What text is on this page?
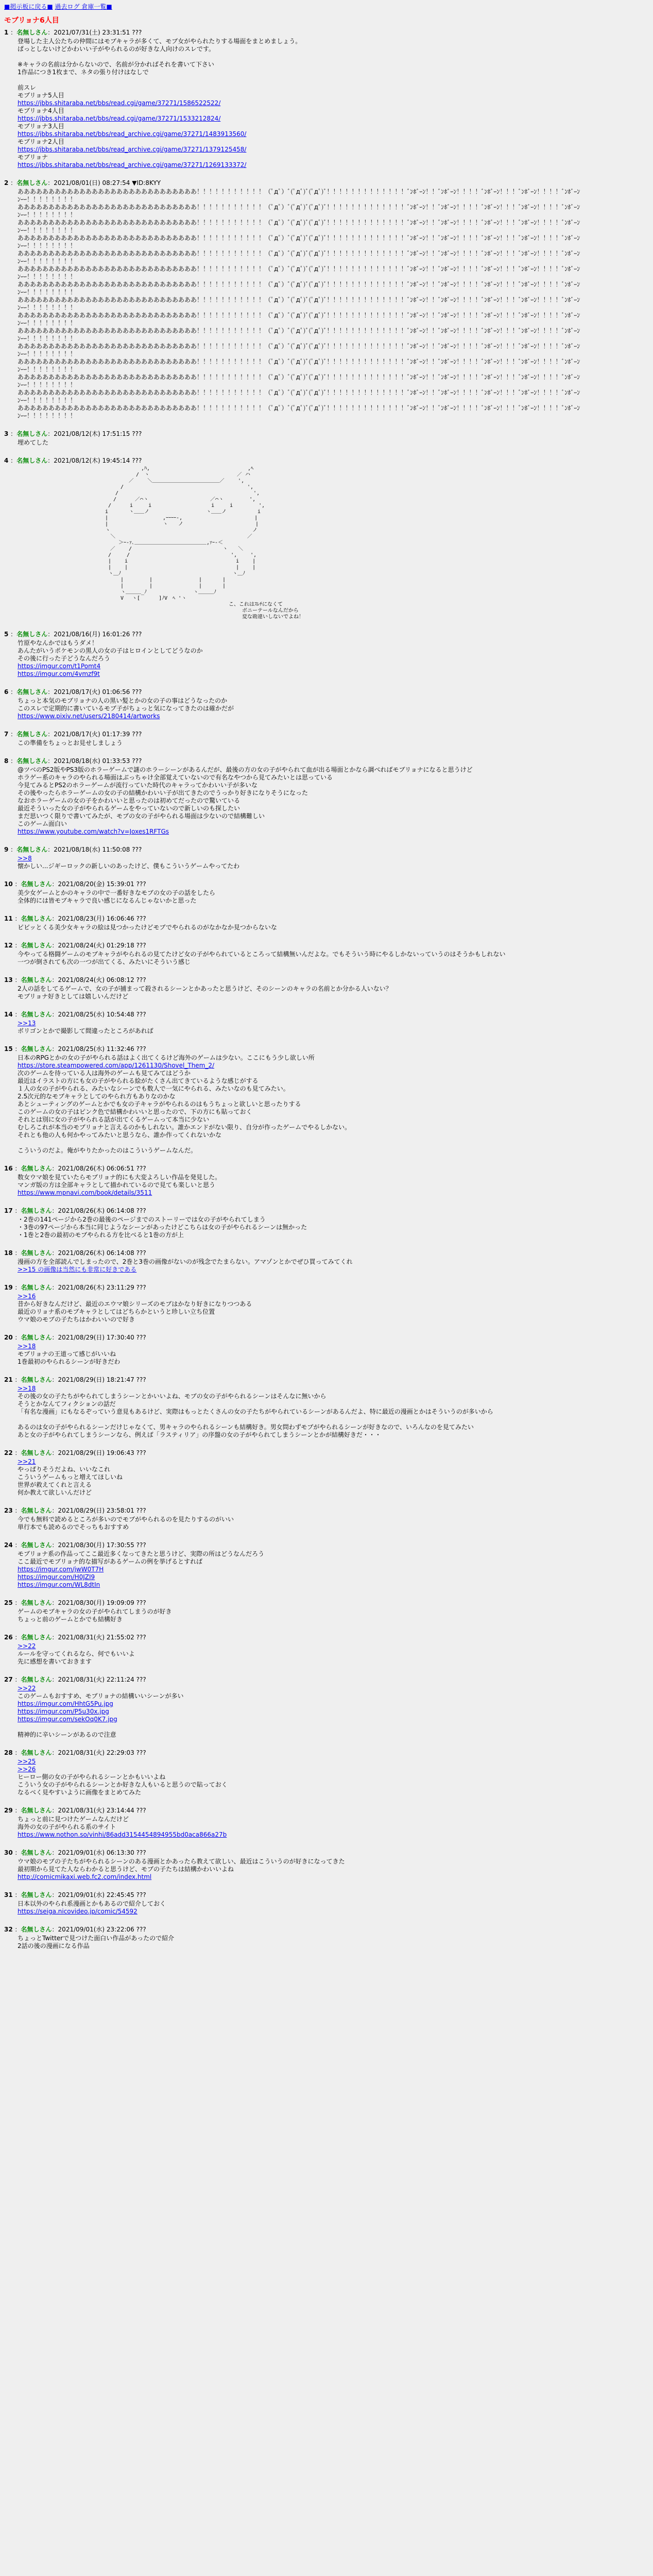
■掲示板に戻る■ 過去ログ 倉庫一覧■
モブリョナ6人目
1 ：名無しさん：2021/07/31(土) 23:31:51 ???
登場した主人公たちの仲間にはモブキャラが多くて、モブ女がやられたりする場面をまとめましょう。
ぱっとしないけどかわいい子がやられるのが好きな人向けのスレです。

※キャラの名前は分からないので、名前が分かればそれを書いて下さい
1作品につき1枚まで、ネタの張り付けはなしで

前スレ
モブリョナ5人目
https://jbbs.shitaraba.net/bbs/read.cgi/game/37271/1586522522/
モブリョナ4人目
https://jbbs.shitaraba.net/bbs/read.cgi/game/37271/1533212824/
モブリョナ3人目
https://jbbs.shitaraba.net/bbs/read_archive.cgi/game/37271/1483913560/
モブリョナ2人目
https://jbbs.shitaraba.net/bbs/read_archive.cgi/game/37271/1379125458/
モブリョナ
https://jbbs.shitaraba.net/bbs/read_archive.cgi/game/37271/1269133372/
2 ：名無しさん：2021/08/01(日) 08:27:54 ▼ID:8KYY
あああああああああああああああああああああああああああああ！！！！！！！！！！！（ﾟдﾟ）ﾞ(ﾟдﾟ)ﾞ(ﾟдﾟ)ﾞ！！！！！！！！！！！！！ﾞﾝﾎﾞｰﾝ！！ﾞﾝﾎﾞｰﾝ！！！！ﾞﾝﾎﾞｰﾝ！！！ﾞﾝﾎﾞｰﾝ！！！！ﾞﾝﾎﾞｰﾝ
ﾝｰｰ！！！！！！！！
あああああああああああああああああああああああああああああ！！！！！！！！！！！（ﾟдﾟ）ﾞ(ﾟдﾟ)ﾞ(ﾟдﾟ)ﾞ！！！！！！！！！！！！！ﾞﾝﾎﾞｰﾝ！！ﾞﾝﾎﾞｰﾝ！！！！ﾞﾝﾎﾞｰﾝ！！！ﾞﾝﾎﾞｰﾝ！！！！ﾞﾝﾎﾞｰﾝ
ﾝｰｰ！！！！！！！！
あああああああああああああああああああああああああああああ！！！！！！！！！！！（ﾟдﾟ）ﾞ(ﾟдﾟ)ﾞ(ﾟдﾟ)ﾞ！！！！！！！！！！！！！ﾞﾝﾎﾞｰﾝ！！ﾞﾝﾎﾞｰﾝ！！！！ﾞﾝﾎﾞｰﾝ！！！ﾞﾝﾎﾞｰﾝ！！！！ﾞﾝﾎﾞｰﾝ
ﾝｰｰ！！！！！！！！
あああああああああああああああああああああああああああああ！！！！！！！！！！！（ﾟдﾟ）ﾞ(ﾟдﾟ)ﾞ(ﾟдﾟ)ﾞ！！！！！！！！！！！！！ﾞﾝﾎﾞｰﾝ！！ﾞﾝﾎﾞｰﾝ！！！！ﾞﾝﾎﾞｰﾝ！！！ﾞﾝﾎﾞｰﾝ！！！！ﾞﾝﾎﾞｰﾝ
ﾝｰｰ！！！！！！！！
あああああああああああああああああああああああああああああ！！！！！！！！！！！（ﾟдﾟ）ﾞ(ﾟдﾟ)ﾞ(ﾟдﾟ)ﾞ！！！！！！！！！！！！！ﾞﾝﾎﾞｰﾝ！！ﾞﾝﾎﾞｰﾝ！！！！ﾞﾝﾎﾞｰﾝ！！！ﾞﾝﾎﾞｰﾝ！！！！ﾞﾝﾎﾞｰﾝ
ﾝｰｰ！！！！！！！！
あああああああああああああああああああああああああああああ！！！！！！！！！！！（ﾟдﾟ）ﾞ(ﾟдﾟ)ﾞ(ﾟдﾟ)ﾞ！！！！！！！！！！！！！ﾞﾝﾎﾞｰﾝ！！ﾞﾝﾎﾞｰﾝ！！！！ﾞﾝﾎﾞｰﾝ！！！ﾞﾝﾎﾞｰﾝ！！！！ﾞﾝﾎﾞｰﾝ
ﾝｰｰ！！！！！！！！
あああああああああああああああああああああああああああああ！！！！！！！！！！！（ﾟдﾟ）ﾞ(ﾟдﾟ)ﾞ(ﾟдﾟ)ﾞ！！！！！！！！！！！！！ﾞﾝﾎﾞｰﾝ！！ﾞﾝﾎﾞｰﾝ！！！！ﾞﾝﾎﾞｰﾝ！！！ﾞﾝﾎﾞｰﾝ！！！！ﾞﾝﾎﾞｰﾝ
ﾝｰｰ！！！！！！！！
あああああああああああああああああああああああああああああ！！！！！！！！！！！（ﾟдﾟ）ﾞ(ﾟдﾟ)ﾞ(ﾟдﾟ)ﾞ！！！！！！！！！！！！！ﾞﾝﾎﾞｰﾝ！！ﾞﾝﾎﾞｰﾝ！！！！ﾞﾝﾎﾞｰﾝ！！！ﾞﾝﾎﾞｰﾝ！！！！ﾞﾝﾎﾞｰﾝ
ﾝｰｰ！！！！！！！！
あああああああああああああああああああああああああああああ！！！！！！！！！！！（ﾟдﾟ）ﾞ(ﾟдﾟ)ﾞ(ﾟдﾟ)ﾞ！！！！！！！！！！！！！ﾞﾝﾎﾞｰﾝ！！ﾞﾝﾎﾞｰﾝ！！！！ﾞﾝﾎﾞｰﾝ！！！ﾞﾝﾎﾞｰﾝ！！！！ﾞﾝﾎﾞｰﾝ
ﾝｰｰ！！！！！！！！
あああああああああああああああああああああああああああああ！！！！！！！！！！！（ﾟдﾟ）ﾞ(ﾟдﾟ)ﾞ(ﾟдﾟ)ﾞ！！！！！！！！！！！！！ﾞﾝﾎﾞｰﾝ！！ﾞﾝﾎﾞｰﾝ！！！！ﾞﾝﾎﾞｰﾝ！！！ﾞﾝﾎﾞｰﾝ！！！！ﾞﾝﾎﾞｰﾝ
ﾝｰｰ！！！！！！！！
あああああああああああああああああああああああああああああ！！！！！！！！！！！（ﾟдﾟ）ﾞ(ﾟдﾟ)ﾞ(ﾟдﾟ)ﾞ！！！！！！！！！！！！！ﾞﾝﾎﾞｰﾝ！！ﾞﾝﾎﾞｰﾝ！！！！ﾞﾝﾎﾞｰﾝ！！！ﾞﾝﾎﾞｰﾝ！！！！ﾞﾝﾎﾞｰﾝ
ﾝｰｰ！！！！！！！！
あああああああああああああああああああああああああああああ！！！！！！！！！！！（ﾟдﾟ）ﾞ(ﾟдﾟ)ﾞ(ﾟдﾟ)ﾞ！！！！！！！！！！！！！ﾞﾝﾎﾞｰﾝ！！ﾞﾝﾎﾞｰﾝ！！！！ﾞﾝﾎﾞｰﾝ！！！ﾞﾝﾎﾞｰﾝ！！！！ﾞﾝﾎﾞｰﾝ
ﾝｰｰ！！！！！！！！
あああああああああああああああああああああああああああああ！！！！！！！！！！！（ﾟдﾟ）ﾞ(ﾟдﾟ)ﾞ(ﾟдﾟ)ﾞ！！！！！！！！！！！！！ﾞﾝﾎﾞｰﾝ！！ﾞﾝﾎﾞｰﾝ！！！！ﾞﾝﾎﾞｰﾝ！！！ﾞﾝﾎﾞｰﾝ！！！！ﾞﾝﾎﾞｰﾝ
ﾝｰｰ！！！！！！！！
あああああああああああああああああああああああああああああ！！！！！！！！！！！（ﾟдﾟ）ﾞ(ﾟдﾟ)ﾞ(ﾟдﾟ)ﾞ！！！！！！！！！！！！！ﾞﾝﾎﾞｰﾝ！！ﾞﾝﾎﾞｰﾝ！！！！ﾞﾝﾎﾞｰﾝ！！！ﾞﾝﾎﾞｰﾝ！！！！ﾞﾝﾎﾞｰﾝ
ﾝｰｰ！！！！！！！！
あああああああああああああああああああああああああああああ！！！！！！！！！！！（ﾟдﾟ）ﾞ(ﾟдﾟ)ﾞ(ﾟдﾟ)ﾞ！！！！！！！！！！！！！ﾞﾝﾎﾞｰﾝ！！ﾞﾝﾎﾞｰﾝ！！！！ﾞﾝﾎﾞｰﾝ！！！ﾞﾝﾎﾞｰﾝ！！！！ﾞﾝﾎﾞｰﾝ
ﾝｰｰ！！！！！！！！
3 ：名無しさん：2021/08/12(木) 17:51:15 ???
埋めてした
4 ：名無しさん：2021/08/12(木) 19:45:14 ???
　　　　　　　　　　　　　　　　　　　　　　　　,ﾊ,　　　　　　　　　　　　　　　　　　　,ﾍ
　　　　　　　　　　　　　　　　　　　　　　　/　ヽ　　　　　　　　　　　　　　　　　／ ハ
　　　　　　　　　　　　　　　　　　　　　 ／　　 ＼＿＿＿＿＿＿＿＿＿＿＿＿＿／　　 ',
　　　　　　　　　　　　　　　　　　　　/　　　　　　　　　　　　　　　　　　　　　　　　',
　　　　　　　　　　　　　　　　　　　/　　　　 　　　　　　　　　　　　　　　　　　　　　 ',
　　　　　　　　　　　　　　　　　　 /　　　 ／⌒ヽ　　　　　　　　　　　　／⌒ヽ　　　　　',
　　　　　　　　　　　　　　　　　 /　　　 i　　　i　　　　　　　　　　　 i　　　i　　　　　',
　　　　　　　　　　　　　　　　　i　　　　ヽ＿＿ノ　　　　　　　　　　　ヽ＿＿ノ　　　　　　i
　　　　　　　　　　　　　　　　　|　　　　　　　　　　 ,ｰｰｰｰ-,　　　　　　　　　　　　　　|
　　　　　　　　　　　　　　　　　|　　　　　　　　　　 ヽ　　ノ　　　　　　　　　　　　　　|
　　　　　　　　　　　　　　　　　ヽ　　　　　　　　　　　￣　　　　　　　　　　　　　　　 ノ
　　　　　　　　　　　　　　　　　　＼　　　　　　　　　　　　　　　　　　　　　　　　　 ／
　　　　　　　　　　　　　　　　　　　 ＞ｰ‐ｧ､＿＿＿＿＿＿＿＿＿＿＿＿＿＿,ｧｰ‐＜
　　　　　　　　　　　　　　　　　　／　　 /　　　　　　　　　　　　　　　　　 ヽ　　＼
　　　　　　　　　　　　　　　　　 /　　　/　　　　　　　　　　　　　　　　　　　 ',　　 ',
　　　　　　　　　　　　　　　　　 |　　 i　　　　　　　　　　　　　　　　　　　　　i　　 |
　　　　　　　　　　　　　　　　　 |　　 |　　　　　　　　　　　　　　　　　　　　　|　　 |
　　　　　　　　　　　　　　　　　 ヽ＿ﾉ　　　　　　　　　　　　　　　　　　　　　 ヽ＿ﾉ
　　　　　　　　　　　　　　　　　　　　|　　　　　|　　　　　　　　　|　　　　|
　　　　　　　　　　　　　　　　　　　　|　　　　　|　　　　　　　　　|　　　　|
　　　　　　　　　　　　　　　　　　　　ヽ＿＿＿_ﾉ　　　　　　　　　ヽ＿＿＿ﾉ
　　　　　　　　　　　　　　　　　　　　V　 ヽ[　　　 ]ﾉV　ﾍ 'ヽ
　　　　　　　　　　　　　　　　　　　　　　　　　　　　　　　　　　　　　　　　　こ、これはｽﾚﾁになくて
　　　　　　　　　　　　　　　　　　　　　　　　　　　　　　　　　　　　　　　　　　　 ボニーテールなんだから
　　　　　　　　　　　　　　　　　　　　　　　　　　　　　　　　　　　　　　　　　　　 変な勘違いしないでよね！
5 ：名無しさん：2021/08/16(月) 16:01:26 ???
竹原やなんかではもうダメ！
あんたがいうポケモンの黒人の女の子はヒロインとしてどうなのか
その後に行った子どうなんだろう
https://imgur.com/t1Pomt4
https://imgur.com/4vmzf9t
6 ：名無しさん：2021/08/17(火) 01:06:56 ???
ちょっと本気のモブリョナの人の黒い髪とかの女の子の事はどうなったのか
このスレで定期的に書いているモブ子がちょっと気になってきたのは確かだが
https://www.pixiv.net/users/2180414/artworks
7 ：名無しさん：2021/08/17(火) 01:17:39 ???
この準備をちょっとお見せしましょう
8 ：名無しさん：2021/08/18(水) 01:33:53 ???
@ツベのPS2版やPS3版のホラーゲームで謎のホラーシーンがあるんだが、最後の方の女の子がやられて血が出る場面とかなら調べればモブリョナになると思うけど
ホラゲー系のキャラのやられる場面はぶっちゃけ全部覚えていないので有名なやつから見てみたいとは思っている
今見てみるとPS2のホラーゲームが流行っていた時代のキャラってかわいい子が多いな
その後やったらホラーゲームの女の子の結構かわいい子が出てきたのでうっかり好きになりそうになった
なおホラーゲームの女の子をかわいいと思ったのは初めてだったので驚いている
最近そういった女の子がやられるゲームをやっていないので新しいのも探したい
まだ思いつく限りで書いてみたが、モブの女の子がやられる場面は少ないので結構難しい
このゲーム面白い
https://www.youtube.com/watch?v=Joxes1RFTGs
9 ：名無しさん：2021/08/18(水) 11:50:08 ???
>>8
懐かしい...ジギーロックの新しいのあったけど、僕もこういうゲームやってたわ
10 ：名無しさん：2021/08/20(金) 15:39:01 ???
美少女ゲームとかのキャラの中で一番好きなモブの女の子の話をしたら
全体的には皆モブキャラで良い感じになるんじゃないかと思った
11 ：名無しさん：2021/08/23(月) 16:06:46 ???
ビビッとくる美少女キャラの絵は見つかったけどモブでやられるのがなかなか見つからないな
12 ：名無しさん：2021/08/24(火) 01:29:18 ???
今やってる格闘ゲームのモブキャラがやられるの見てたけど女の子がやられているところって結構無いんだよな。でもそういう時にやるしかないっていうのはそうかもしれない
一つが倒されても次の一つが出てくる、みたいにそういう感じ
13 ：名無しさん：2021/08/24(火) 06:08:12 ???
2人の話をしてるゲームで、女の子が捕まって殺されるシーンとかあったと思うけど、そのシーンのキャラの名前とか分かる人いない？
モブリョナ好きとしては嬉しいんだけど
14 ：名無しさん：2021/08/25(水) 10:54:48 ???
>>13
ボリゴンとかで撮影して間違ったところがあれば
15 ：名無しさん：2021/08/25(水) 11:32:46 ???
日本のRPGとかの女の子がやられる話はよく出てくるけど海外のゲームは少ない。ここにもう少し欲しい所
https://store.steampowered.com/app/1261130/Shovel_Them_2/
次のゲームを待っている人は海外のゲームも見てみてはどうか
最近はイラストの方にも女の子がやられる絵がたくさん出てきているような感じがする
１人の女の子がやられる、みたいなシーンでも数人で一気にやられる、みたいなのも見てみたい。
2.5次元的なモブキャラとしてのやられ方もありなのかな
あとシューティングのゲームとかでも女の子キャラがやられるのはもうちょっと欲しいと思ったりする
このゲームの女の子はピンク色で結構かわいいと思ったので、下の方にも貼っておく
それとは別に女の子がやられる話が出てくるゲームって本当に少ない
むしろこれが本当のモブリョナと言えるのかもしれない。誰かエンドがない限り、自分が作ったゲームでやるしかない。
それとも他の人も何かやってみたいと思うなら、誰か作ってくれないかな

こういうのだよ。俺がやりたかったのはこういうゲームなんだ。
16 ：名無しさん：2021/08/26(木) 06:06:51 ???
数女ウマ娘を見ていたらモブリョナ的にも大変よろしい作品を発見した。
マンガ版の方は全部キャラとして描かれているので見ても楽しいと思う
https://www.mpnavi.com/book/details/3511
17 ：名無しさん：2021/08/26(木) 06:14:08 ???
・2巻の141ページから2巻の最後のページまでのストーリーでは女の子がやられてしまう
・3巻の97ページから本当に同じようなシーンがあったけどこちらは女の子がやられるシーンは無かった
・1巻と2巻の最初のモブやられる方を比べると1巻の方が上
18 ：名無しさん：2021/08/26(木) 06:14:08 ???
漫画の方を全部読んでしまったので、2巻と3巻の画像がないのが残念でたまらない。アマゾンとかでぜひ買ってみてくれ
>>15 の画像は当然にも非常に好きである
19 ：名無しさん：2021/08/26(木) 23:11:29 ???
>>16
昔から好きなんだけど、最近のエウマ娘シリーズのモブはかなり好きになりつつある
最近のリョナ系のモブキャラとしてはどちらかというと珍しい立ち位置
ウマ娘のモブの子たちはかわいいので好き
20 ：名無しさん：2021/08/29(日) 17:30:40 ???
>>18
モブリョナの王道って感じがいいね
1巻最初のやられるシーンが好きだわ
21 ：名無しさん：2021/08/29(日) 18:21:47 ???
>>18
その後の女の子たちがやられてしまうシーンとかいいよね、モブの女の子がやられるシーンはそんなに無いから
そうとかなんてフィクションの話だ
「有名な漫画」にもなるぞっていう意見もあるけど、実際はもっとたくさんの女の子たちがやられているシーンがあるんだよ、特に最近の漫画とかはそういうのが多いから

あるのは女の子がやられるシーンだけじゃなくて、男キャラのやられるシーンも結構好き。男女問わずモブがやられるシーンが好きなので、いろんなのを見てみたい
あと女の子がやられてしまうシーンなら、例えば「ラスティリア」の序盤の女の子がやられてしまうシーンとかが結構好きだ・・・
22 ：名無しさん：2021/08/29(日) 19:06:43 ???
>>21
やっぱりそうだよね、いいなこれ
こういうゲームもっと増えてほしいね
世界が救えてくれと言える
何か教えて欲しいんだけど
23 ：名無しさん：2021/08/29(日) 23:58:01 ???
今でも無料で読めるところが多いのでモブがやられるのを見たりするのがいい
単行本でも読めるのでそっちもおすすめ
24 ：名無しさん：2021/08/30(月) 17:30:55 ???
モブリョナ系の作品ってここ最近多くなってきたと思うけど、実際の所はどうなんだろう
ここ最近でモブリョナ的な描写があるゲームの例を挙げるとすれば
https://imgur.com/jwW0T7H
https://imgur.com/H0JZI9
https://imgur.com/WL8dtIn
25 ：名無しさん：2021/08/30(月) 19:09:09 ???
ゲームのモブキャラの女の子がやられてしまうのが好き
ちょっと前のゲームとかでも結構好き
26 ：名無しさん：2021/08/31(火) 21:55:02 ???
>>22
ルールを守ってくれるなら、何でもいいよ
先に感想を書いておきます
27 ：名無しさん：2021/08/31(火) 22:11:24 ???
>>22
このゲームもおすすめ、モブリョナの結構いいシーンが多い
https://imgur.com/HhtG5Pu.jpg
https://imgur.com/P5u30x.jpg
https://imgur.com/sekOq0K7.jpg

精神的に辛いシーンがあるので注意
28 ：名無しさん：2021/08/31(火) 22:29:03 ???
>>25
>>26
ヒーロー側の女の子がやられるシーンとかもいいよね
こういう女の子がやられるシーンとか好きな人もいると思うので貼っておく
なるべく見やすいように画像をまとめてみた
29 ：名無しさん：2021/08/31(火) 23:14:44 ???
ちょっと前に見つけたゲームなんだけど
海外の女の子がやられる系のサイト
https://www.nothon.so/vinhi/86add3154454894955bd0aca866a27b
30 ：名無しさん：2021/09/01(水) 06:13:30 ???
ウマ娘のモブの子たちがやられるシーンのある漫画とかあったら教えて欲しい、最近はこういうのが好きになってきた
最初期から見てた人ならわかると思うけど、モブの子たちは結構かわいいよね
http://comicmikaxi.web.fc2.com/index.html
31 ：名無しさん：2021/09/01(水) 22:45:45 ???
日本以外のやられ系漫画とかもあるので紹介しておく
https://seiga.nicovideo.jp/comic/54592
32 ：名無しさん：2021/09/01(水) 23:22:06 ???
ちょっとTwitterで見つけた面白い作品があったので紹介
2話の後の漫画になる作品
